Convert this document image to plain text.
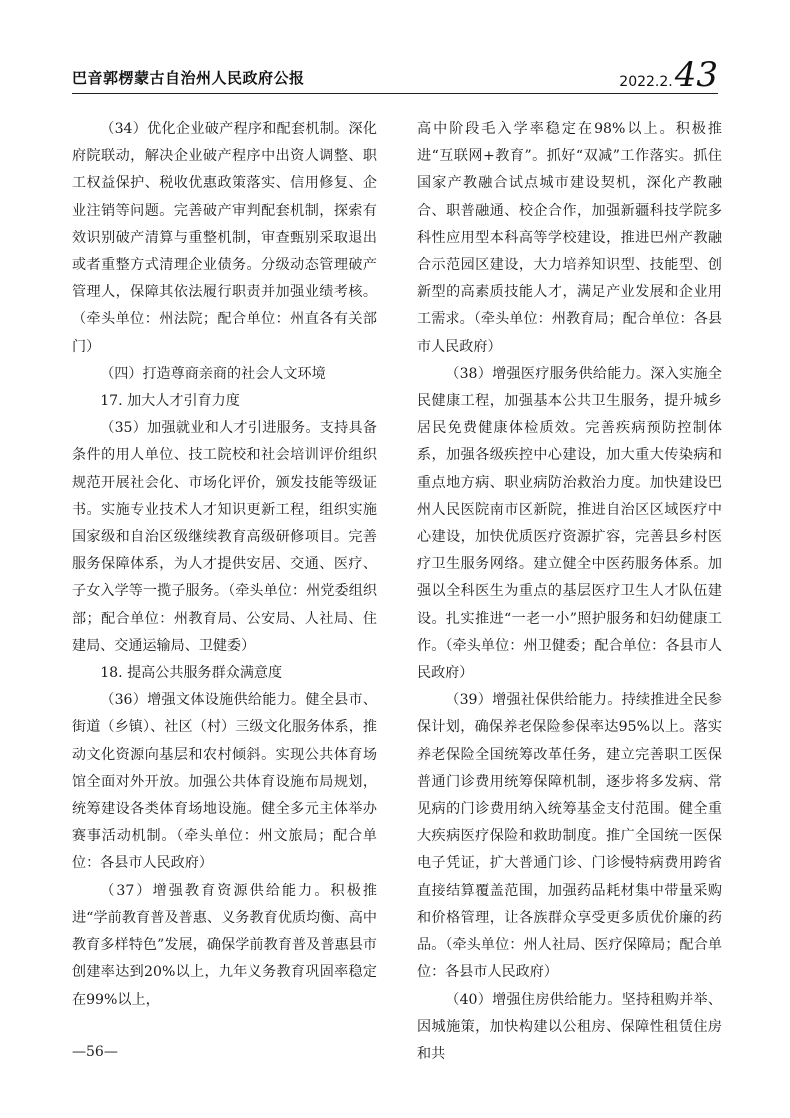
巴音郭楞蒙古自治州人民政府公报	2022.2.43

（34）优化企业破产程序和配套机制。深化府院联动，解决企业破产程序中出资人调整、职工权益保护、税收优惠政策落实、信用修复、企业注销等问题。完善破产审判配套机制，探索有效识别破产清算与重整机制，审查甄别采取退出或者重整方式清理企业债务。分级动态管理破产管理人，保障其依法履行职责并加强业绩考核。（牵头单位：州法院；配合单位：州直各有关部门）

（四）打造尊商亲商的社会人文环境

17. 加大人才引育力度

（35）加强就业和人才引进服务。支持具备条件的用人单位、技工院校和社会培训评价组织规范开展社会化、市场化评价，颁发技能等级证书。实施专业技术人才知识更新工程，组织实施国家级和自治区级继续教育高级研修项目。完善服务保障体系，为人才提供安居、交通、医疗、子女入学等一揽子服务。（牵头单位：州党委组织部；配合单位：州教育局、公安局、人社局、住建局、交通运输局、卫健委）

18. 提高公共服务群众满意度

（36）增强文体设施供给能力。健全县市、街道（乡镇）、社区（村）三级文化服务体系，推动文化资源向基层和农村倾斜。实现公共体育场馆全面对外开放。加强公共体育设施布局规划，统筹建设各类体育场地设施。健全多元主体举办赛事活动机制。（牵头单位：州文旅局；配合单位：各县市人民政府）

（37）增强教育资源供给能力。积极推进“学前教育普及普惠、义务教育优质均衡、高中教育多样特色”发展，确保学前教育普及普惠县市创建率达到20%以上，九年义务教育巩固率稳定在99%以上，

高中阶段毛入学率稳定在98%以上。积极推进“互联网+教育”。抓好“双减”工作落实。抓住国家产教融合试点城市建设契机，深化产教融合、职普融通、校企合作，加强新疆科技学院多科性应用型本科高等学校建设，推进巴州产教融合示范园区建设，大力培养知识型、技能型、创新型的高素质技能人才，满足产业发展和企业用工需求。（牵头单位：州教育局；配合单位：各县市人民政府）

（38）增强医疗服务供给能力。深入实施全民健康工程，加强基本公共卫生服务，提升城乡居民免费健康体检质效。完善疾病预防控制体系，加强各级疾控中心建设，加大重大传染病和重点地方病、职业病防治救治力度。加快建设巴州人民医院南市区新院，推进自治区区域医疗中心建设，加快优质医疗资源扩容，完善县乡村医疗卫生服务网络。建立健全中医药服务体系。加强以全科医生为重点的基层医疗卫生人才队伍建设。扎实推进“一老一小”照护服务和妇幼健康工作。（牵头单位：州卫健委；配合单位：各县市人民政府）

（39）增强社保供给能力。持续推进全民参保计划，确保养老保险参保率达95%以上。落实养老保险全国统筹改革任务，建立完善职工医保普通门诊费用统筹保障机制，逐步将多发病、常见病的门诊费用纳入统筹基金支付范围。健全重大疾病医疗保险和救助制度。推广全国统一医保电子凭证，扩大普通门诊、门诊慢特病费用跨省直接结算覆盖范围，加强药品耗材集中带量采购和价格管理，让各族群众享受更多质优价廉的药品。（牵头单位：州人社局、医疗保障局；配合单位：各县市人民政府）

（40）增强住房供给能力。坚持租购并举、因城施策，加快构建以公租房、保障性租赁住房和共

—56—
